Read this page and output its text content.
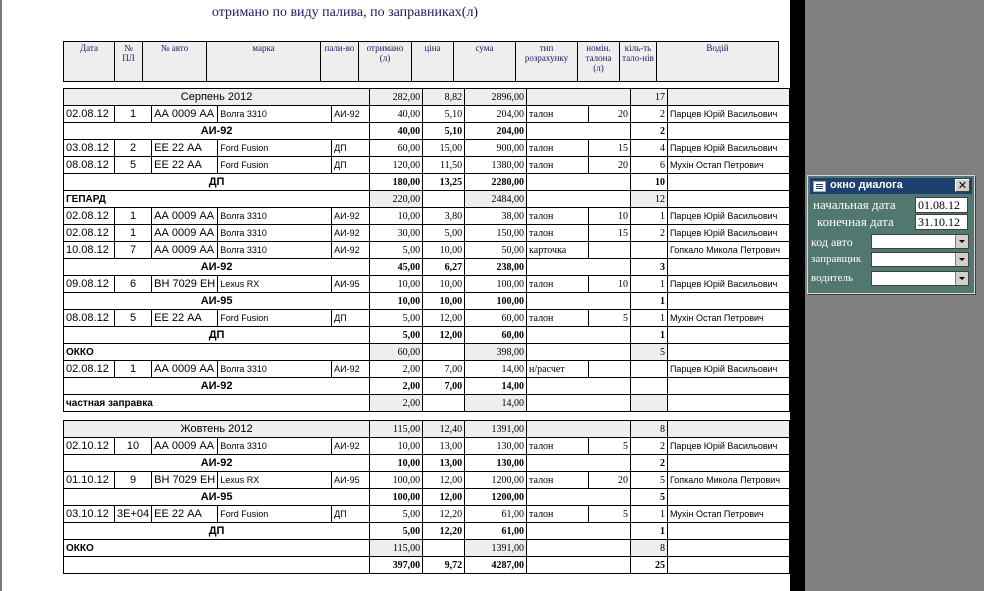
отримано по виду палива, по заправниках(л)
Дата	№ ПЛ	№ авто	марка	пали-во	отримано (л)	ціна	сума	тип розрахунку	номін. талона (л)	кіль-ть тало-нів	Водій
Серпень 2012					282,00	8,82	2896,00			17	
02.08.12	1	АА 0009 АА	Волга 3310	АИ-92	40,00	5,10	204,00	талон	20	2	Парцев Юрій Васильович
АИ-92					40,00	5,10	204,00			2	
03.08.12	2	ЕЕ 22 АА	Ford Fusion	ДП	60,00	15,00	900,00	талон	15	4	Парцев Юрій Васильович
08.08.12	5	ЕЕ 22 АА	Ford Fusion	ДП	120,00	11,50	1380,00	талон	20	6	Мухін Остап Петрович
ДП					180,00	13,25	2280,00			10	
ГЕПАРД					220,00		2484,00			12	
02.08.12	1	АА 0009 АА	Волга 3310	АИ-92	10,00	3,80	38,00	талон	10	1	Парцев Юрій Васильович
02.08.12	1	АА 0009 АА	Волга 3310	АИ-92	30,00	5,00	150,00	талон	15	2	Парцев Юрій Васильович
10.08.12	7	АА 0009 АА	Волга 3310	АИ-92	5,00	10,00	50,00	карточка			Гопкало Микола Петрович
АИ-92					45,00	6,27	238,00			3	
09.08.12	6	ВН 7029 ЕН	Lexus RX	АИ-95	10,00	10,00	100,00	талон	10	1	Парцев Юрій Васильович
АИ-95					10,00	10,00	100,00			1	
08.08.12	5	ЕЕ 22 АА	Ford Fusion	ДП	5,00	12,00	60,00	талон	5	1	Мухін Остап Петрович
ДП					5,00	12,00	60,00			1	
ОККО					60,00		398,00			5	
02.08.12	1	АА 0009 АА	Волга 3310	АИ-92	2,00	7,00	14,00	н/расчет			Парцев Юрій Васильович
АИ-92					2,00	7,00	14,00				
частная заправка					2,00		14,00				

Жовтень 2012					115,00	12,40	1391,00			8	
02.10.12	10	АА 0009 АА	Волга 3310	АИ-92	10,00	13,00	130,00	талон	5	2	Парцев Юрій Васильович
АИ-92					10,00	13,00	130,00			2	
01.10.12	9	ВН 7029 ЕН	Lexus RX	АИ-95	100,00	12,00	1200,00	талон	20	5	Гопкало Микола Петрович
АИ-95					100,00	12,00	1200,00			5	
03.10.12	3E+04	ЕЕ 22 АА	Ford Fusion	ДП	5,00	12,20	61,00	талон	5	1	Мухін Остап Петрович
ДП					5,00	12,20	61,00			1	
ОККО					115,00		1391,00			8	
					397,00	9,72	4287,00			25	
окно диалога	✕
начальная дата 01.08.12
конечная дата 31.10.12
код авто
заправщик
водитель
